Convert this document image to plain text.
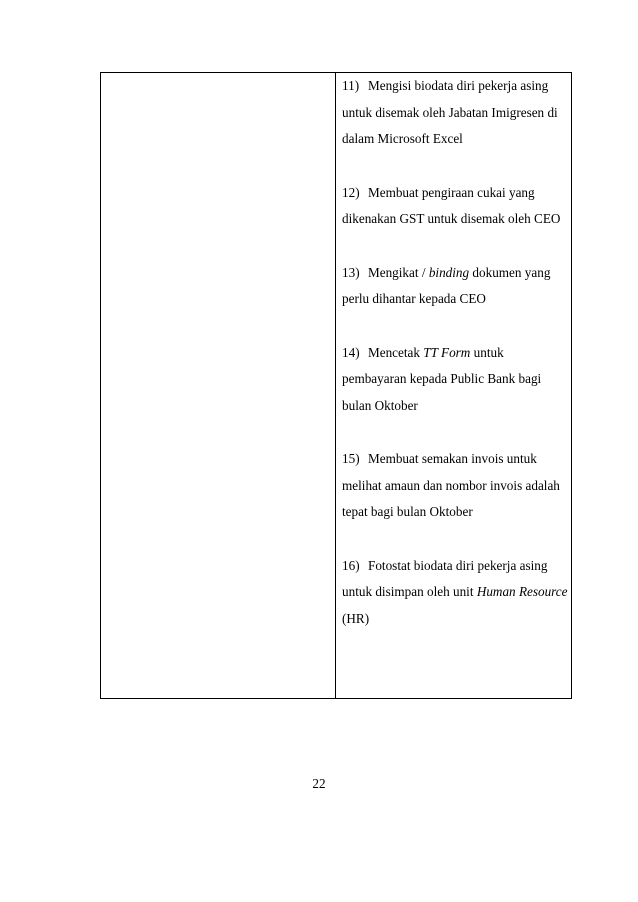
11) Mengisi biodata diri pekerja asing
untuk disemak oleh Jabatan Imigresen di
dalam Microsoft Excel
12) Membuat pengiraan cukai yang
dikenakan GST untuk disemak oleh CEO
13) Mengikat / binding dokumen yang
perlu dihantar kepada CEO
14) Mencetak TT Form untuk
pembayaran kepada Public Bank bagi
bulan Oktober
15) Membuat semakan invois untuk
melihat amaun dan nombor invois adalah
tepat bagi bulan Oktober
16) Fotostat biodata diri pekerja asing
untuk disimpan oleh unit Human Resource
(HR)
22
